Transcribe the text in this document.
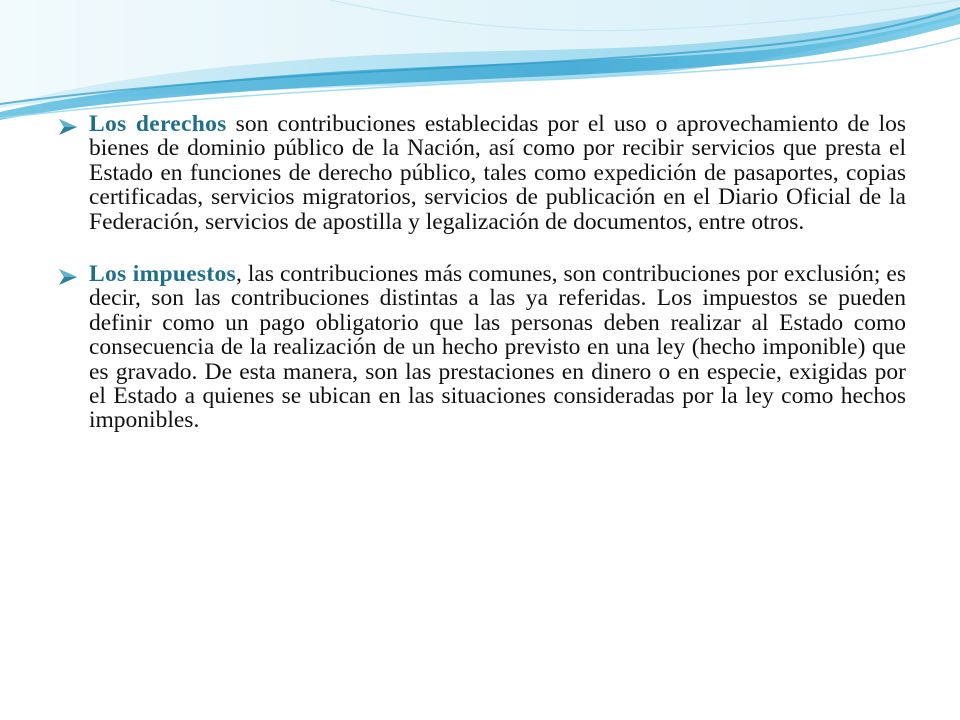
Los derechos son contribuciones establecidas por el uso o aprovechamiento de los bienes de dominio público de la Nación, así como por recibir servicios que presta el Estado en funciones de derecho público, tales como expedición de pasaportes, copias certificadas, servicios migratorios, servicios de publicación en el Diario Oficial de la Federación, servicios de apostilla y legalización de documentos, entre otros.

Los impuestos, las contribuciones más comunes, son contribuciones por exclusión; es decir, son las contribuciones distintas a las ya referidas. Los impuestos se pueden definir como un pago obligatorio que las personas deben realizar al Estado como consecuencia de la realización de un hecho previsto en una ley (hecho imponible) que es gravado. De esta manera, son las prestaciones en dinero o en especie, exigidas por el Estado a quienes se ubican en las situaciones consideradas por la ley como hechos imponibles.
